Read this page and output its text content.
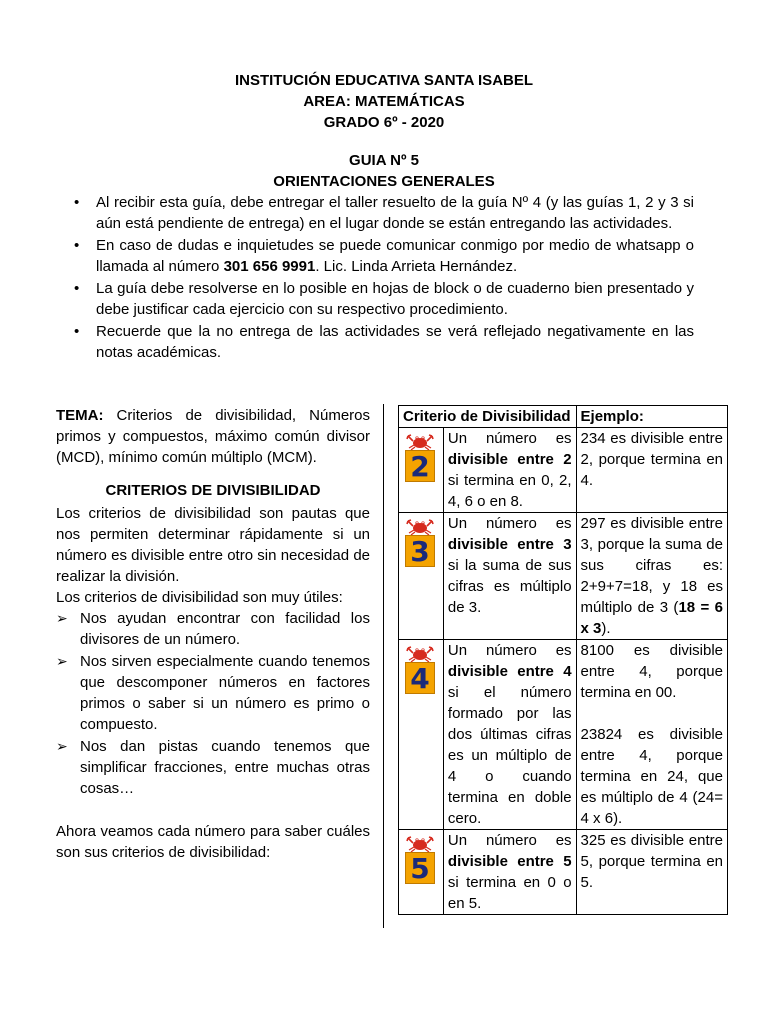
INSTITUCIÓN EDUCATIVA SANTA ISABEL
AREA: MATEMÁTICAS
GRADO 6º - 2020
GUIA Nº 5
ORIENTACIONES GENERALES
• Al recibir esta guía, debe entregar el taller resuelto de la guía Nº 4 (y las guías 1, 2 y 3 si aún está pendiente de entrega) en el lugar donde se están entregando las actividades.
• En caso de dudas e inquietudes se puede comunicar conmigo por medio de whatsapp o llamada al número 301 656 9991. Lic. Linda Arrieta Hernández.
• La guía debe resolverse en lo posible en hojas de block o de cuaderno bien presentado y debe justificar cada ejercicio con su respectivo procedimiento.
• Recuerde que la no entrega de las actividades se verá reflejado negativamente en las notas académicas.

TEMA: Criterios de divisibilidad, Números primos y compuestos, máximo común divisor (MCD), mínimo común múltiplo (MCM).

CRITERIOS DE DIVISIBILIDAD

Los criterios de divisibilidad son pautas que nos permiten determinar rápidamente si un número es divisible entre otro sin necesidad de realizar la división.

Los criterios de divisibilidad son muy útiles:

➢ Nos ayudan encontrar con facilidad los divisores de un número.
➢ Nos sirven especialmente cuando tenemos que descomponer números en factores primos o saber si un número es primo o compuesto.
➢ Nos dan pistas cuando tenemos que simplificar fracciones, entre muchas otras cosas…

Ahora veamos cada número para saber cuáles son sus criterios de divisibilidad:

Criterio de Divisibilidad		Ejemplo:

2	Un número es divisible entre 2 si termina en 0, 2, 4, 6 o en 8.	234 es divisible entre 2, porque termina en 4.

3	Un número es divisible entre 3 si la suma de sus cifras es múltiplo de 3.	297 es divisible entre 3, porque la suma de sus cifras es: 2+9+7=18, y 18 es múltiplo de 3 (18 = 6 x 3).

4	Un número es divisible entre 4 si el número formado por las dos últimas cifras es un múltiplo de 4 o cuando termina en doble cero.	8100 es divisible entre 4, porque termina en 00.
23824 es divisible entre 4, porque termina en 24, que es múltiplo de 4 (24= 4 x 6).

5	Un número es divisible entre 5 si termina en 0 o en 5.	325 es divisible entre 5, porque termina en 5.
